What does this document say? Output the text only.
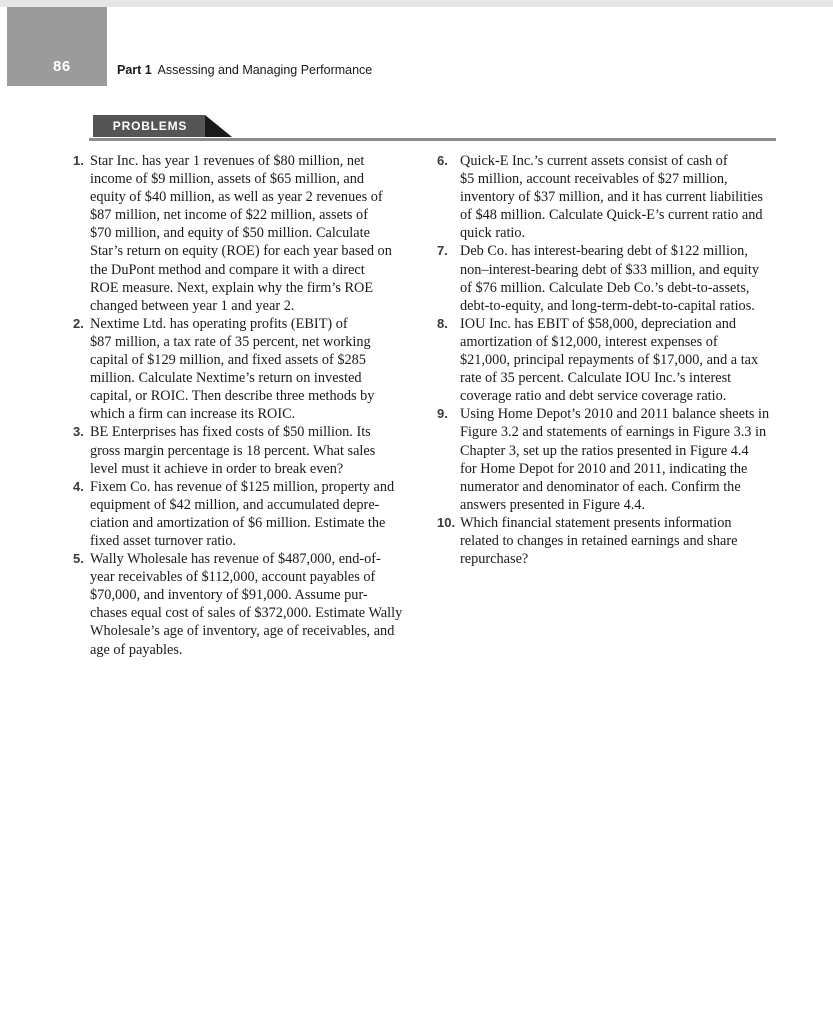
86	Part 1 Assessing and Managing Performance
PROBLEMS
1. Star Inc. has year 1 revenues of $80 million, net
income of $9 million, assets of $65 million, and
equity of $40 million, as well as year 2 revenues of
$87 million, net income of $22 million, assets of
$70 million, and equity of $50 million. Calculate
Star’s return on equity (ROE) for each year based on
the DuPont method and compare it with a direct
ROE measure. Next, explain why the firm’s ROE
changed between year 1 and year 2.
2. Nextime Ltd. has operating profits (EBIT) of
$87 million, a tax rate of 35 percent, net working
capital of $129 million, and fixed assets of $285
million. Calculate Nextime’s return on invested
capital, or ROIC. Then describe three methods by
which a firm can increase its ROIC.
3. BE Enterprises has fixed costs of $50 million. Its
gross margin percentage is 18 percent. What sales
level must it achieve in order to break even?
4. Fixem Co. has revenue of $125 million, property and
equipment of $42 million, and accumulated depre-
ciation and amortization of $6 million. Estimate the
fixed asset turnover ratio.
5. Wally Wholesale has revenue of $487,000, end-of-
year receivables of $112,000, account payables of
$70,000, and inventory of $91,000. Assume pur-
chases equal cost of sales of $372,000. Estimate Wally
Wholesale’s age of inventory, age of receivables, and
age of payables.
6. Quick-E Inc.’s current assets consist of cash of
$5 million, account receivables of $27 million,
inventory of $37 million, and it has current liabilities
of $48 million. Calculate Quick-E’s current ratio and
quick ratio.
7. Deb Co. has interest-bearing debt of $122 million,
non–interest-bearing debt of $33 million, and equity
of $76 million. Calculate Deb Co.’s debt-to-assets,
debt-to-equity, and long-term-debt-to-capital ratios.
8. IOU Inc. has EBIT of $58,000, depreciation and
amortization of $12,000, interest expenses of
$21,000, principal repayments of $17,000, and a tax
rate of 35 percent. Calculate IOU Inc.’s interest
coverage ratio and debt service coverage ratio.
9. Using Home Depot’s 2010 and 2011 balance sheets in
Figure 3.2 and statements of earnings in Figure 3.3 in
Chapter 3, set up the ratios presented in Figure 4.4
for Home Depot for 2010 and 2011, indicating the
numerator and denominator of each. Confirm the
answers presented in Figure 4.4.
10. Which financial statement presents information
related to changes in retained earnings and share
repurchase?
